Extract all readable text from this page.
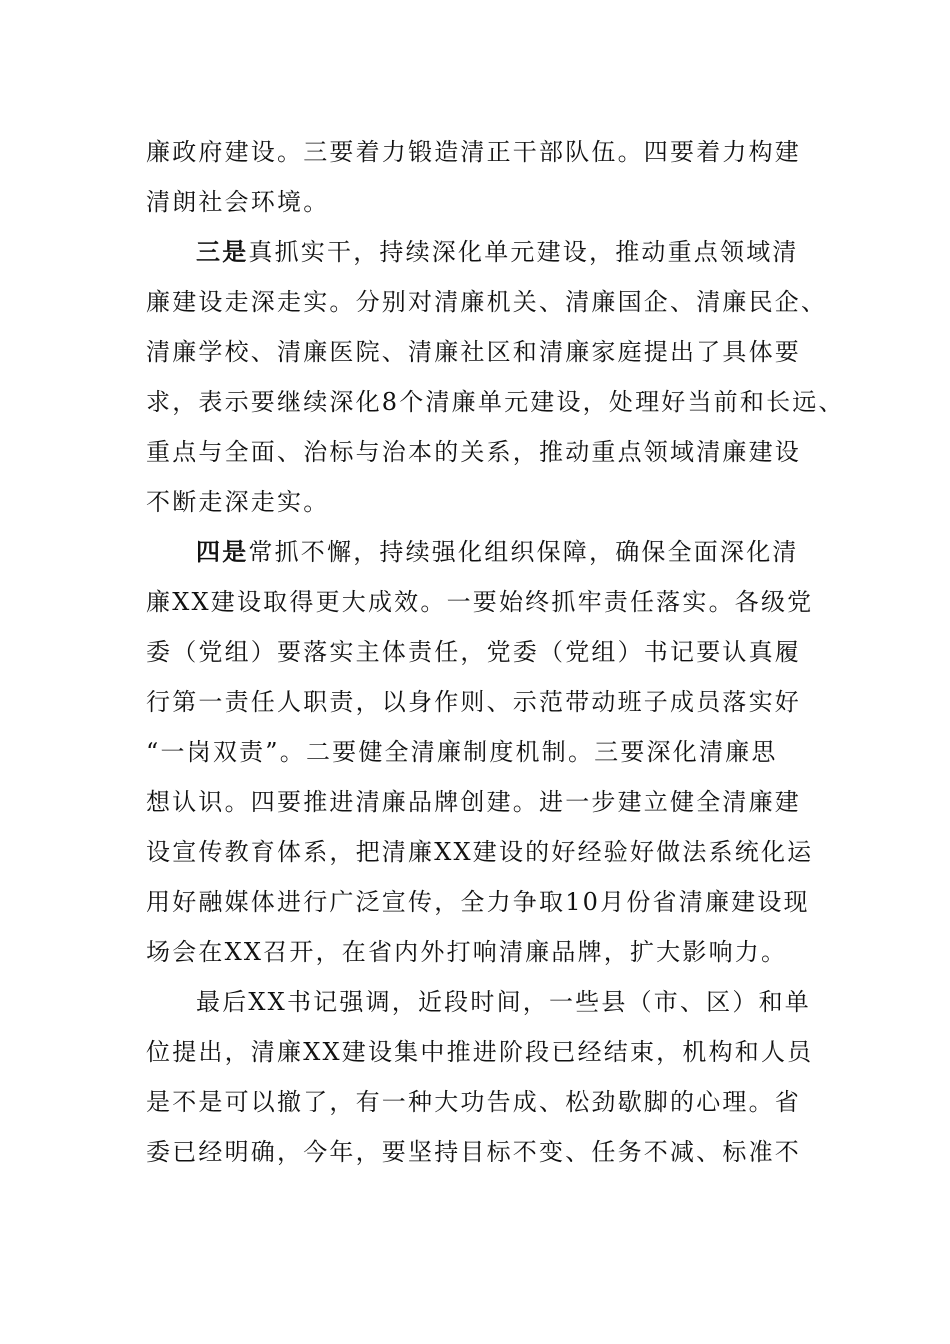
廉政府建设。三要着力锻造清正干部队伍。四要着力构建
清朗社会环境。
三是真抓实干，持续深化单元建设，推动重点领域清
廉建设走深走实。分别对清廉机关、清廉国企、清廉民企、
清廉学校、清廉医院、清廉社区和清廉家庭提出了具体要
求，表示要继续深化8个清廉单元建设，处理好当前和长远、
重点与全面、治标与治本的关系，推动重点领域清廉建设
不断走深走实。
四是常抓不懈，持续强化组织保障，确保全面深化清
廉XX建设取得更大成效。一要始终抓牢责任落实。各级党
委（党组）要落实主体责任，党委（党组）书记要认真履
行第一责任人职责，以身作则、示范带动班子成员落实好
“一岗双责”。二要健全清廉制度机制。三要深化清廉思
想认识。四要推进清廉品牌创建。进一步建立健全清廉建
设宣传教育体系，把清廉XX建设的好经验好做法系统化运
用好融媒体进行广泛宣传，全力争取10月份省清廉建设现
场会在XX召开，在省内外打响清廉品牌，扩大影响力。
最后XX书记强调，近段时间，一些县（市、区）和单
位提出，清廉XX建设集中推进阶段已经结束，机构和人员
是不是可以撤了，有一种大功告成、松劲歇脚的心理。省
委已经明确，今年，要坚持目标不变、任务不减、标准不
